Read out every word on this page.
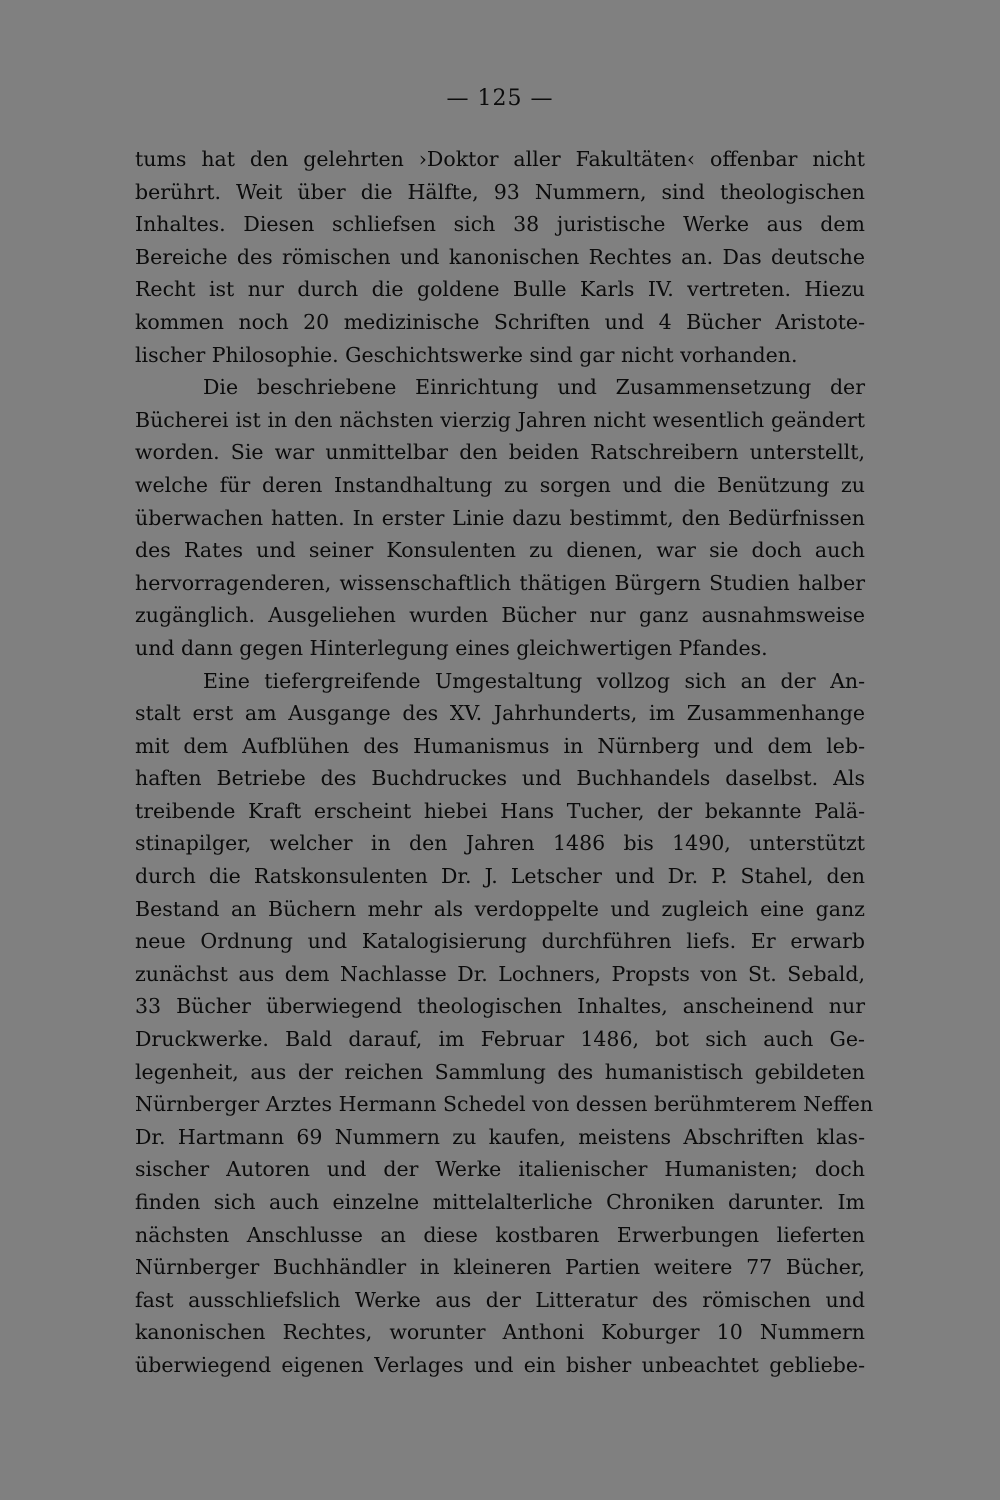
— 125 —
tums hat den gelehrten ›Doktor aller Fakultäten‹ offenbar nicht
berührt. Weit über die Hälfte, 93 Nummern, sind theologischen
Inhaltes. Diesen schliefsen sich 38 juristische Werke aus dem
Bereiche des römischen und kanonischen Rechtes an. Das deutsche
Recht ist nur durch die goldene Bulle Karls IV. vertreten. Hiezu
kommen noch 20 medizinische Schriften und 4 Bücher Aristote-
lischer Philosophie. Geschichtswerke sind gar nicht vorhanden.
Die beschriebene Einrichtung und Zusammensetzung der
Bücherei ist in den nächsten vierzig Jahren nicht wesentlich geändert
worden. Sie war unmittelbar den beiden Ratschreibern unterstellt,
welche für deren Instandhaltung zu sorgen und die Benützung zu
überwachen hatten. In erster Linie dazu bestimmt, den Bedürfnissen
des Rates und seiner Konsulenten zu dienen, war sie doch auch
hervorragenderen, wissenschaftlich thätigen Bürgern Studien halber
zugänglich. Ausgeliehen wurden Bücher nur ganz ausnahmsweise
und dann gegen Hinterlegung eines gleichwertigen Pfandes.
Eine tiefergreifende Umgestaltung vollzog sich an der An-
stalt erst am Ausgange des XV. Jahrhunderts, im Zusammenhange
mit dem Aufblühen des Humanismus in Nürnberg und dem leb-
haften Betriebe des Buchdruckes und Buchhandels daselbst. Als
treibende Kraft erscheint hiebei Hans Tucher, der bekannte Palä-
stinapilger, welcher in den Jahren 1486 bis 1490, unterstützt
durch die Ratskonsulenten Dr. J. Letscher und Dr. P. Stahel, den
Bestand an Büchern mehr als verdoppelte und zugleich eine ganz
neue Ordnung und Katalogisierung durchführen liefs. Er erwarb
zunächst aus dem Nachlasse Dr. Lochners, Propsts von St. Sebald,
33 Bücher überwiegend theologischen Inhaltes, anscheinend nur
Druckwerke. Bald darauf, im Februar 1486, bot sich auch Ge-
legenheit, aus der reichen Sammlung des humanistisch gebildeten
Nürnberger Arztes Hermann Schedel von dessen berühmterem Neffen
Dr. Hartmann 69 Nummern zu kaufen, meistens Abschriften klas-
sischer Autoren und der Werke italienischer Humanisten; doch
finden sich auch einzelne mittelalterliche Chroniken darunter. Im
nächsten Anschlusse an diese kostbaren Erwerbungen lieferten
Nürnberger Buchhändler in kleineren Partien weitere 77 Bücher,
fast ausschliefslich Werke aus der Litteratur des römischen und
kanonischen Rechtes, worunter Anthoni Koburger 10 Nummern
überwiegend eigenen Verlages und ein bisher unbeachtet gebliebe-
